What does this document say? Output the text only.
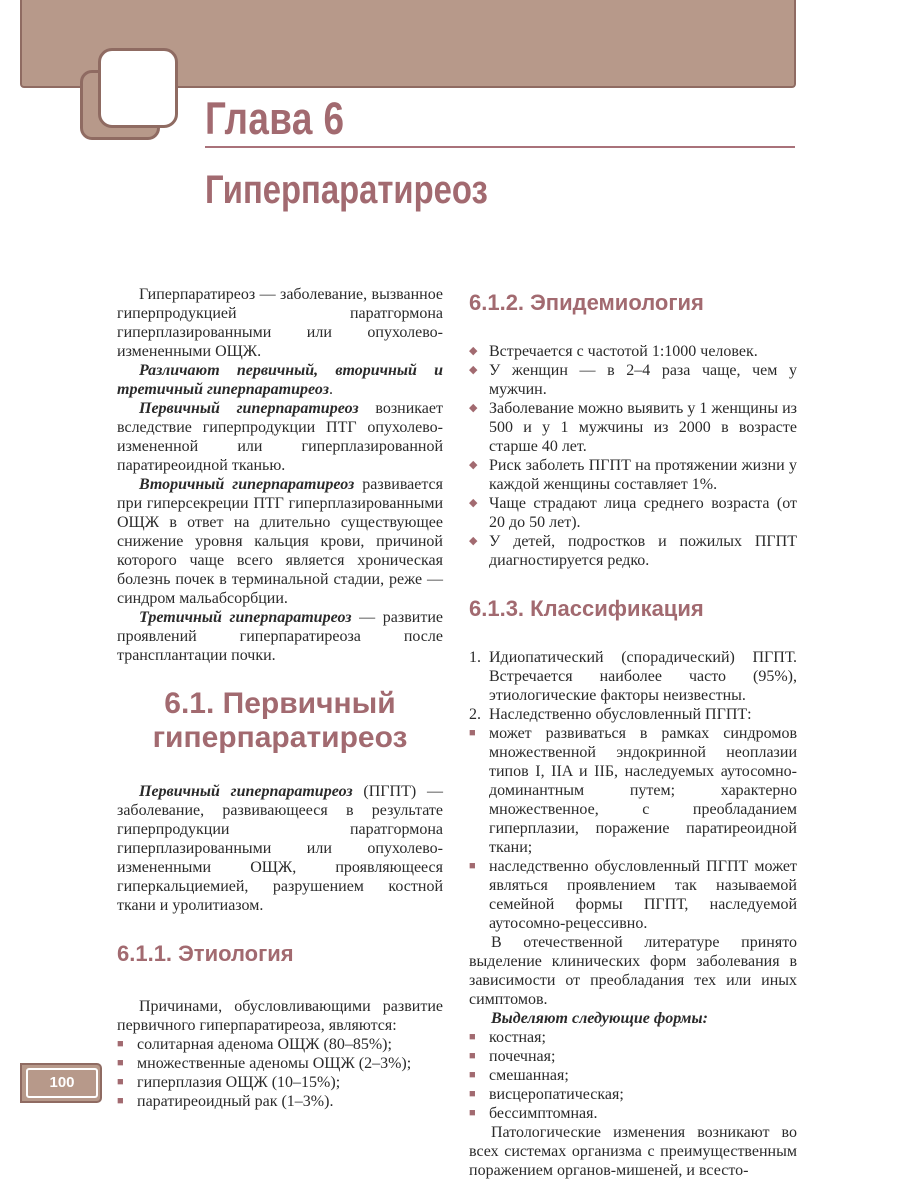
Глава 6
Гиперпаратиреоз

Гиперпаратиреоз — заболевание, вызванное гиперпродукцией паратгормона гиперплазированными или опухолево-измененными ОЩЖ.

Различают первичный, вторичный и третичный гиперпаратиреоз.

Первичный гиперпаратиреоз возникает вследствие гиперпродукции ПТГ опухолево-измененной или гиперплазированной паратиреоидной тканью.

Вторичный гиперпаратиреоз развивается при гиперсекреции ПТГ гиперплазированными ОЩЖ в ответ на длительно существующее снижение уровня кальция крови, причиной которого чаще всего является хроническая болезнь почек в терминальной стадии, реже — синдром мальабсорбции.

Третичный гиперпаратиреоз — развитие проявлений гиперпаратиреоза после трансплантации почки.

6.1. Первичный
гиперпаратиреоз

Первичный гиперпаратиреоз (ПГПТ) — заболевание, развивающееся в результате гиперпродукции паратгормона гиперплазированными или опухолево-измененными ОЩЖ, проявляющееся гиперкальциемией, разрушением костной ткани и уролитиазом.

6.1.1. Этиология

Причинами, обусловливающими развитие первичного гиперпаратиреоза, являются:

■ солитарная аденома ОЩЖ (80–85%);
■ множественные аденомы ОЩЖ (2–3%);
■ гиперплазия ОЩЖ (10–15%);
■ паратиреоидный рак (1–3%).
6.1.2. Эпидемиология
◆ Встречается с частотой 1:1000 человек.
◆ У женщин — в 2–4 раза чаще, чем у мужчин.
◆ Заболевание можно выявить у 1 женщины из 500 и у 1 мужчины из 2000 в возрасте старше 40 лет.
◆ Риск заболеть ПГПТ на протяжении жизни у каждой женщины составляет 1%.
◆ Чаще страдают лица среднего возраста (от 20 до 50 лет).
◆ У детей, подростков и пожилых ПГПТ диагностируется редко.
6.1.3. Классификация
1. Идиопатический (спорадический) ПГПТ. Встречается наиболее часто (95%), этиологические факторы неизвестны.
2. Наследственно обусловленный ПГПТ:
■ может развиваться в рамках синдромов множественной эндокринной неоплазии типов I, IIA и IIБ, наследуемых аутосомно-доминантным путем; характерно множественное, с преобладанием гиперплазии, поражение паратиреоидной ткани;
■ наследственно обусловленный ПГПТ может являться проявлением так называемой семейной формы ПГПТ, наследуемой аутосомно-рецессивно.

В отечественной литературе принято выделение клинических форм заболевания в зависимости от преобладания тех или иных симптомов.

Выделяют следующие формы:

■ костная;
■ почечная;
■ смешанная;
■ висцеропатическая;
■ бессимптомная.

Патологические изменения возникают во всех системах организма с преимущественным поражением органов-мишеней, и всесто-

100
